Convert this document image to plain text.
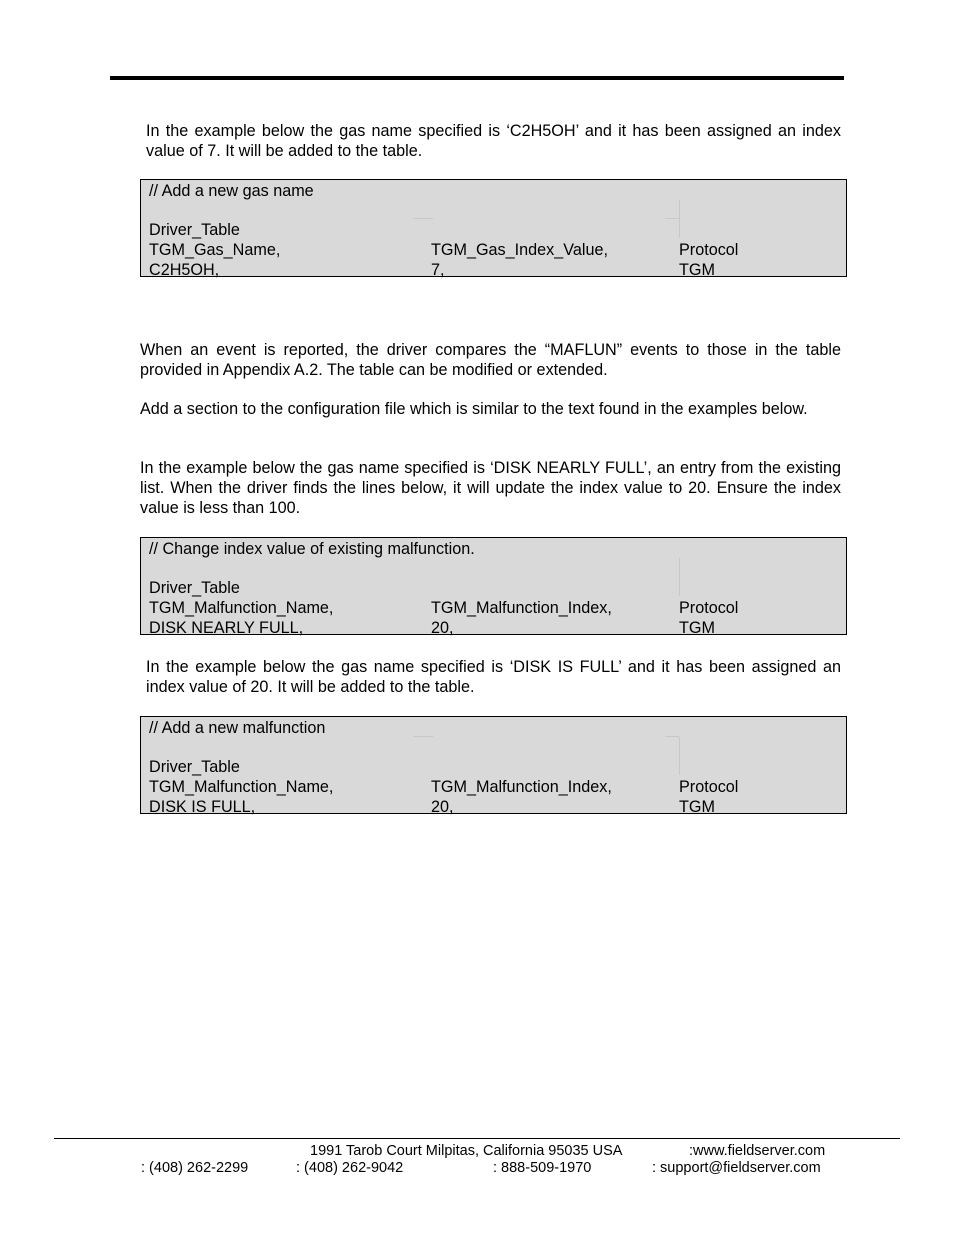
In the example below the gas name specified is ‘C2H5OH’ and it has been assigned an index value of 7. It will be added to the table.
// Add a new gas name
Driver_Table
TGM_Gas_Name,	TGM_Gas_Index_Value,	Protocol
C2H5OH,	7,	TGM
When an event is reported, the driver compares the “MAFLUN” events to those in the table provided in Appendix A.2. The table can be modified or extended.
Add a section to the configuration file which is similar to the text found in the examples below.
In the example below the gas name specified is ‘DISK NEARLY FULL’, an entry from the existing list. When the driver finds the lines below, it will update the index value to 20. Ensure the index value is less than 100.
// Change index value of existing malfunction.
Driver_Table
TGM_Malfunction_Name,	TGM_Malfunction_Index,	Protocol
DISK NEARLY FULL,	20,	TGM
In the example below the gas name specified is ‘DISK IS FULL’ and it has been assigned an index value of 20. It will be added to the table.
// Add a new malfunction
Driver_Table
TGM_Malfunction_Name,	TGM_Malfunction_Index,	Protocol
DISK IS FULL,	20,	TGM
1991 Tarob Court Milpitas, California 95035 USA	:www.fieldserver.com
: (408) 262-2299	: (408) 262-9042	: 888-509-1970	: support@fieldserver.com
